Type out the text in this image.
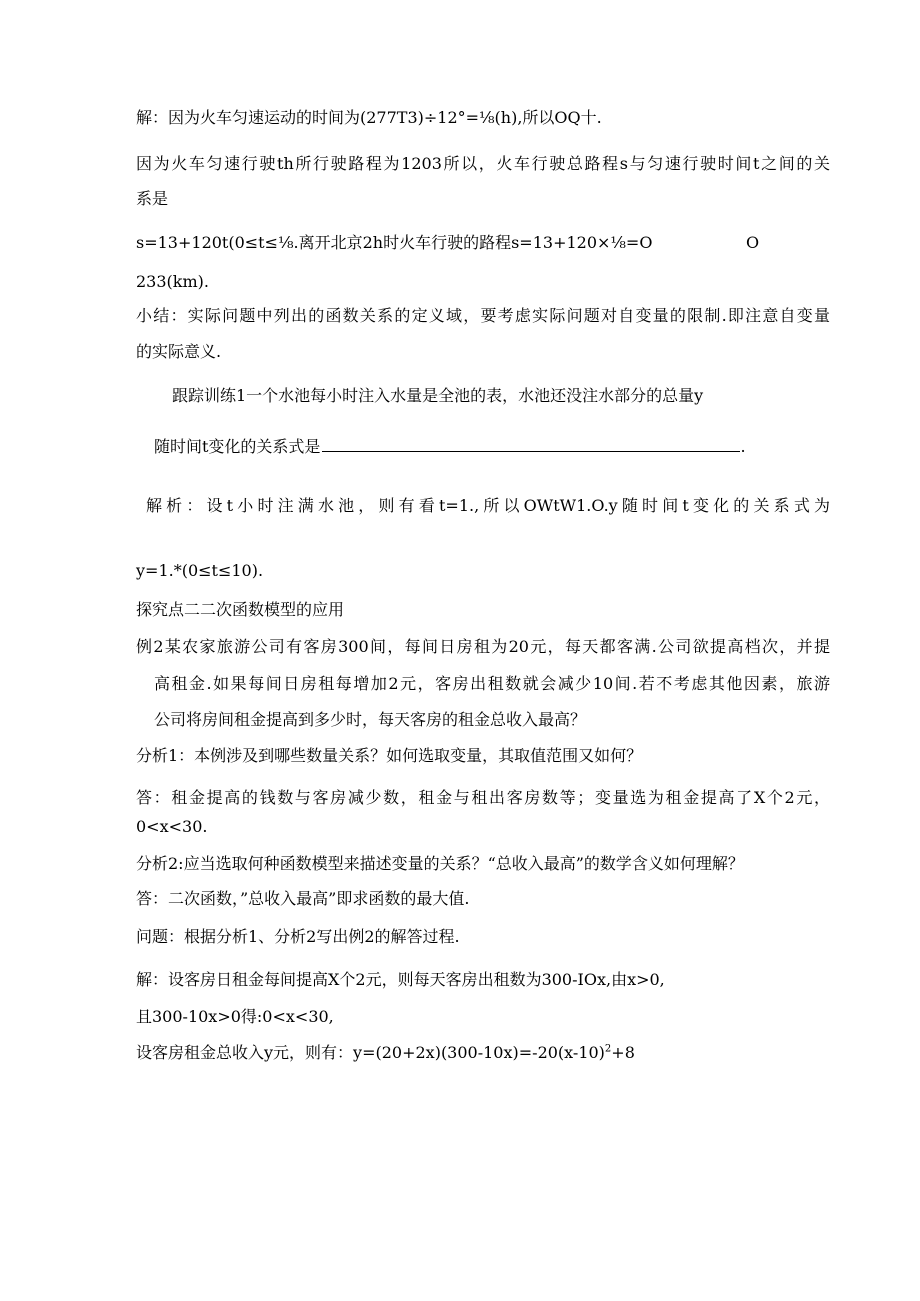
解：因为火车匀速运动的时间为(277T3)÷12°=⅛(h),所以OQ十.
因为火车匀速行驶th所行驶路程为1203所以，火车行驶总路程s与匀速行驶时间t之间的关
系是
s=13+120t(0≤t≤⅛.离开北京2h时火车行驶的路程s=13+120×⅛=O	O
233(km).
小结：实际问题中列出的函数关系的定义域，要考虑实际问题对自变量的限制.即注意自变量
的实际意义.
跟踪训练1一个水池每小时注入水量是全池的表，水池还没注水部分的总量y
随时间t变化的关系式是	.
解析：设t小时注满水池，则有看t=1.,所以OWtW1.O.y随时间t变化的关系式为
y=1.*(0≤t≤10).
探究点二二次函数模型的应用
例2某农家旅游公司有客房300间，每间日房租为20元，每天都客满.公司欲提高档次，并提
高租金.如果每间日房租每增加2元，客房出租数就会减少10间.若不考虑其他因素，旅游
公司将房间租金提高到多少时，每天客房的租金总收入最高？
分析1：本例涉及到哪些数量关系？如何选取变量，其取值范围又如何？
答：租金提高的钱数与客房减少数，租金与租出客房数等；变量选为租金提高了X个2元，
0<x<30.
分析2:应当选取何种函数模型来描述变量的关系？“总收入最高”的数学含义如何理解？
答：二次函数，”总收入最高”即求函数的最大值.
问题：根据分析1、分析2写出例2的解答过程.
解：设客房日租金每间提高X个2元，则每天客房出租数为300-IOx,由x>0,
且300-10x>0得:0<x<30,
设客房租金总收入y元，则有：$y=(20+2x)(300-10x)=-20(x-10)^2+8$
